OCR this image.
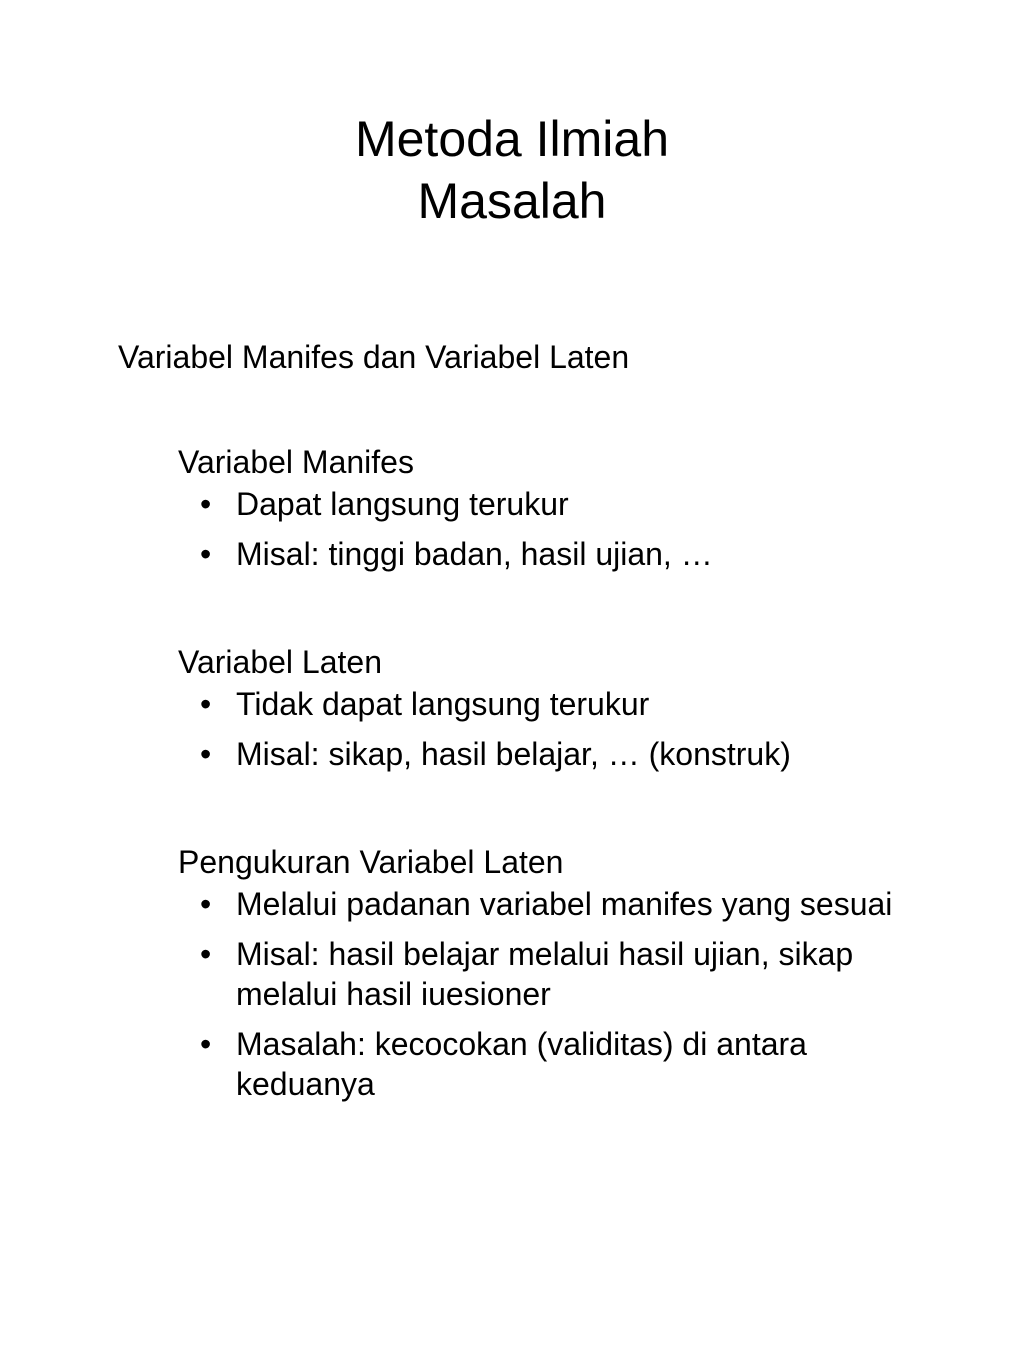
Metoda Ilmiah
Masalah
Variabel Manifes dan Variabel Laten
Variabel Manifes
• Dapat langsung terukur
• Misal: tinggi badan, hasil ujian, …
Variabel Laten
• Tidak dapat langsung terukur
• Misal: sikap, hasil belajar, … (konstruk)
Pengukuran Variabel Laten
• Melalui padanan variabel manifes yang sesuai
• Misal: hasil belajar melalui hasil ujian, sikap melalui hasil iuesioner
• Masalah: kecocokan (validitas) di antara keduanya
